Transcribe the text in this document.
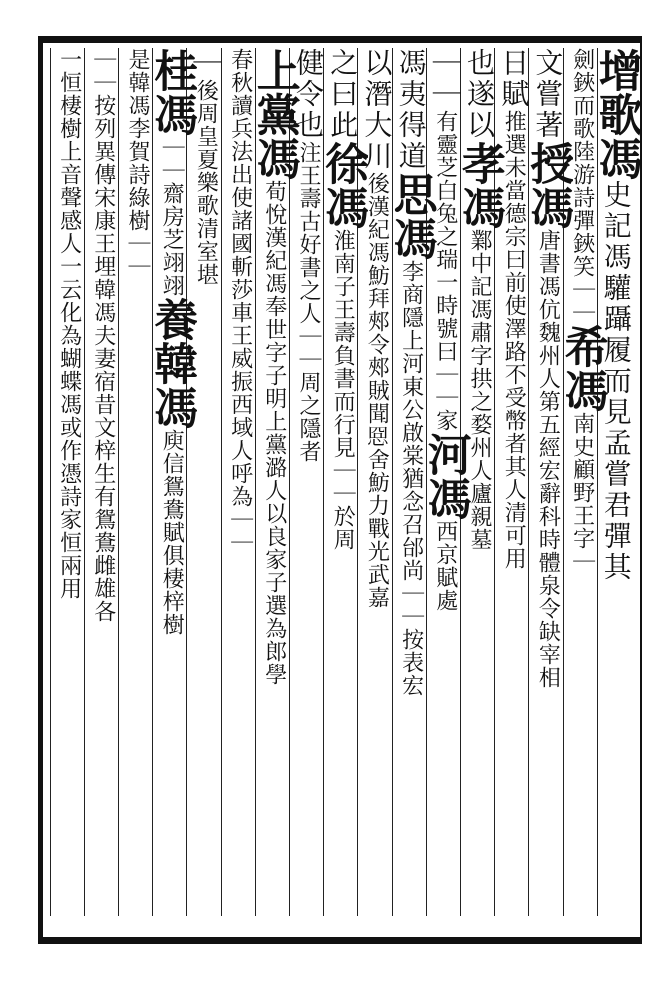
增歌馮史記馮驩躡履而見孟嘗君彈其
劍鋏而歌陸游詩彈鋏笑｜｜希馮南史顧野王字｜
文嘗著授馮唐書馮伉魏州人第五經宏辭科時體泉令缺宰相
日賦推選未當德宗曰前使澤路不受幣者其人清可用
也遂以孝馮鄴中記馮肅字拱之婺州人廬親墓
｜｜有靈芝白兔之瑞一時號曰｜｜家河馮西京賦處
馮夷得道思馮李商隱上河東公啟棠猶念召邰尚｜｜按表宏
以潛大川後漢紀馮魴拜郟令郟賊聞𢚊舍魴力戰光武嘉
之曰此徐馮淮南子王壽負書而行見｜｜於周
健令也注王壽古好書之人｜｜周之隱者
上黨馮荀悅漢紀馮奉世字子明上黨潞人以良家子選為郎學
春秋讀兵法出使諸國斬莎車王威振西域人呼為｜｜
｜後周皇夏樂歌清室堪
桂馮｜｜齋房芝翊翊養韓馮庾信鴛鴦賦俱棲梓樹
是韓馮李賀詩綠樹｜｜
｜｜按列異傳宋康王埋韓馮夫妻宿昔文梓生有鴛鴦雌雄各
一恒棲樹上音聲感人一云化為蝴蝶馮或作憑詩家恒兩用
